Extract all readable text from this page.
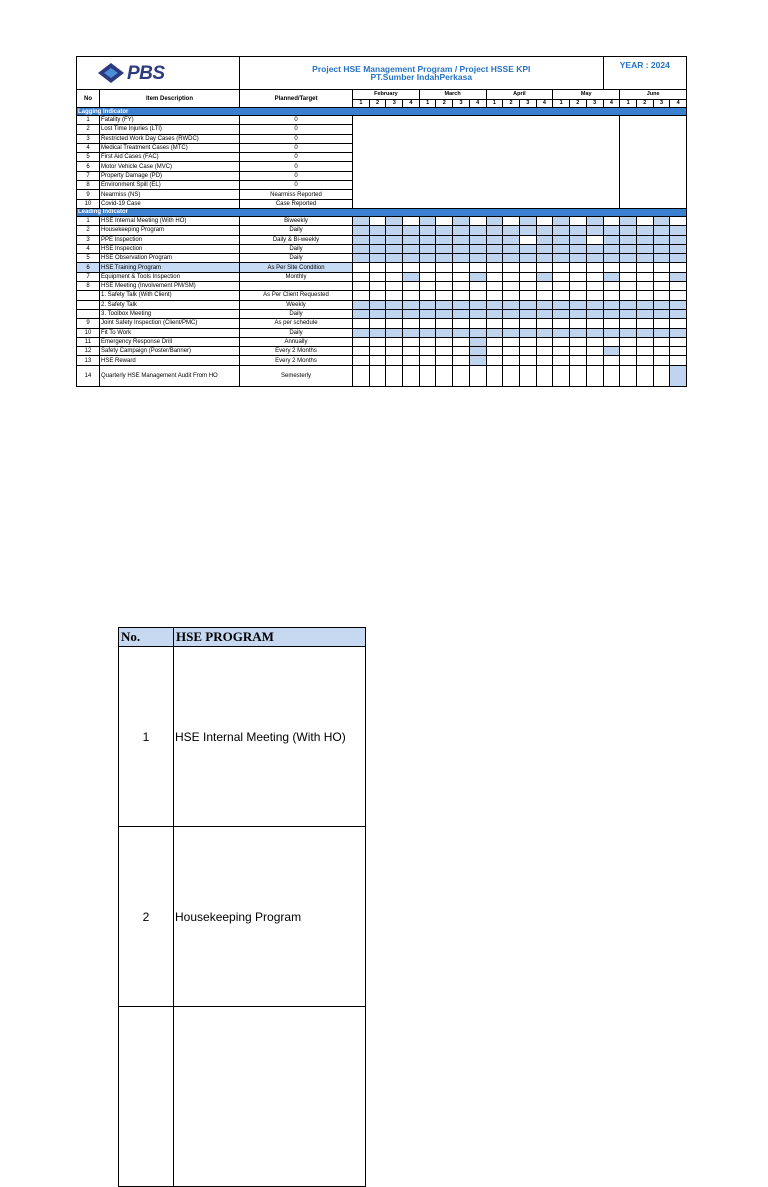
PBS		Project HSE Management Program / Project HSSE KPI
PT.Sumber IndahPerkasa																YEAR : 2024				
No	Item Description	Planned/Target	February				March				April				May				June			
			1	2	3	4	1	2	3	4	1	2	3	4	1	2	3	4	1	2	3	4
Lagging Indicator																						
1	Fatality (FY)	0																				
2	Lost Time Injuries (LTI)	0																				
3	Restricted Work Day Cases (RWDC)	0																				
4	Medical Treatment Cases (MTC)	0																				
5	First Aid Cases (FAC)	0																				
6	Motor Vehicle Case (MVC)	0																				
7	Property Damage (PD)	0																				
8	Environment Spill (EL)	0																				
9	Nearmiss (NS)	Nearmiss Reported																				
10	Covid-19 Case	Case Reported																				
Leading Indicator																						
1	HSE Internal Meeting (With HO)	Biweekly																				
2	Housekeeping Program	Daily																				
3	PPE Inspection	Daily & Bi-weekly																				
4	HSE Inspection	Daily																				
5	HSE Observation Program	Daily																				
6	HSE Training Program	As Per Site Condition																				
7	Equipment & Tools Inspection	Monthly																				
8	HSE Meeting (Involvement PM/SM)																					
	1. Safety Talk (With Client)	As Per Client Requested																				
	2. Safety Talk	Weekly																				
	3. Toolbox Meeting	Daily																				
9	Joint Safety Inspection (Client/PMC)	As per schedule																				
10	Fit To Work	Daily																				
11	Emergency Response Drill	Annually																				
12	Safety Campaign (Poster/Banner)	Every 2 Months																				
13	HSE Reward	Every 2 Months																				
14	Quarterly HSE Management Audit From HO	Semesterly																				
No.	HSE PROGRAM
1	HSE Internal Meeting (With HO)
2	Housekeeping Program
